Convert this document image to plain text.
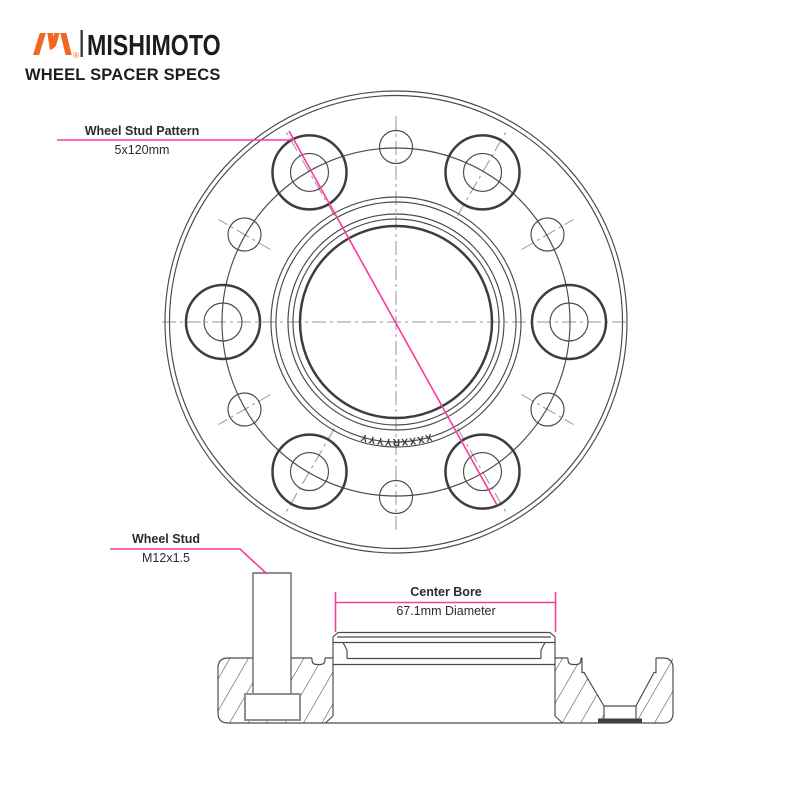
® MISHIMOTO
WHEEL SPACER SPECS
XXXXRYYYY
Wheel Stud Pattern
5x120mm
Wheel Stud
M12x1.5
Center Bore
67.1mm Diameter
